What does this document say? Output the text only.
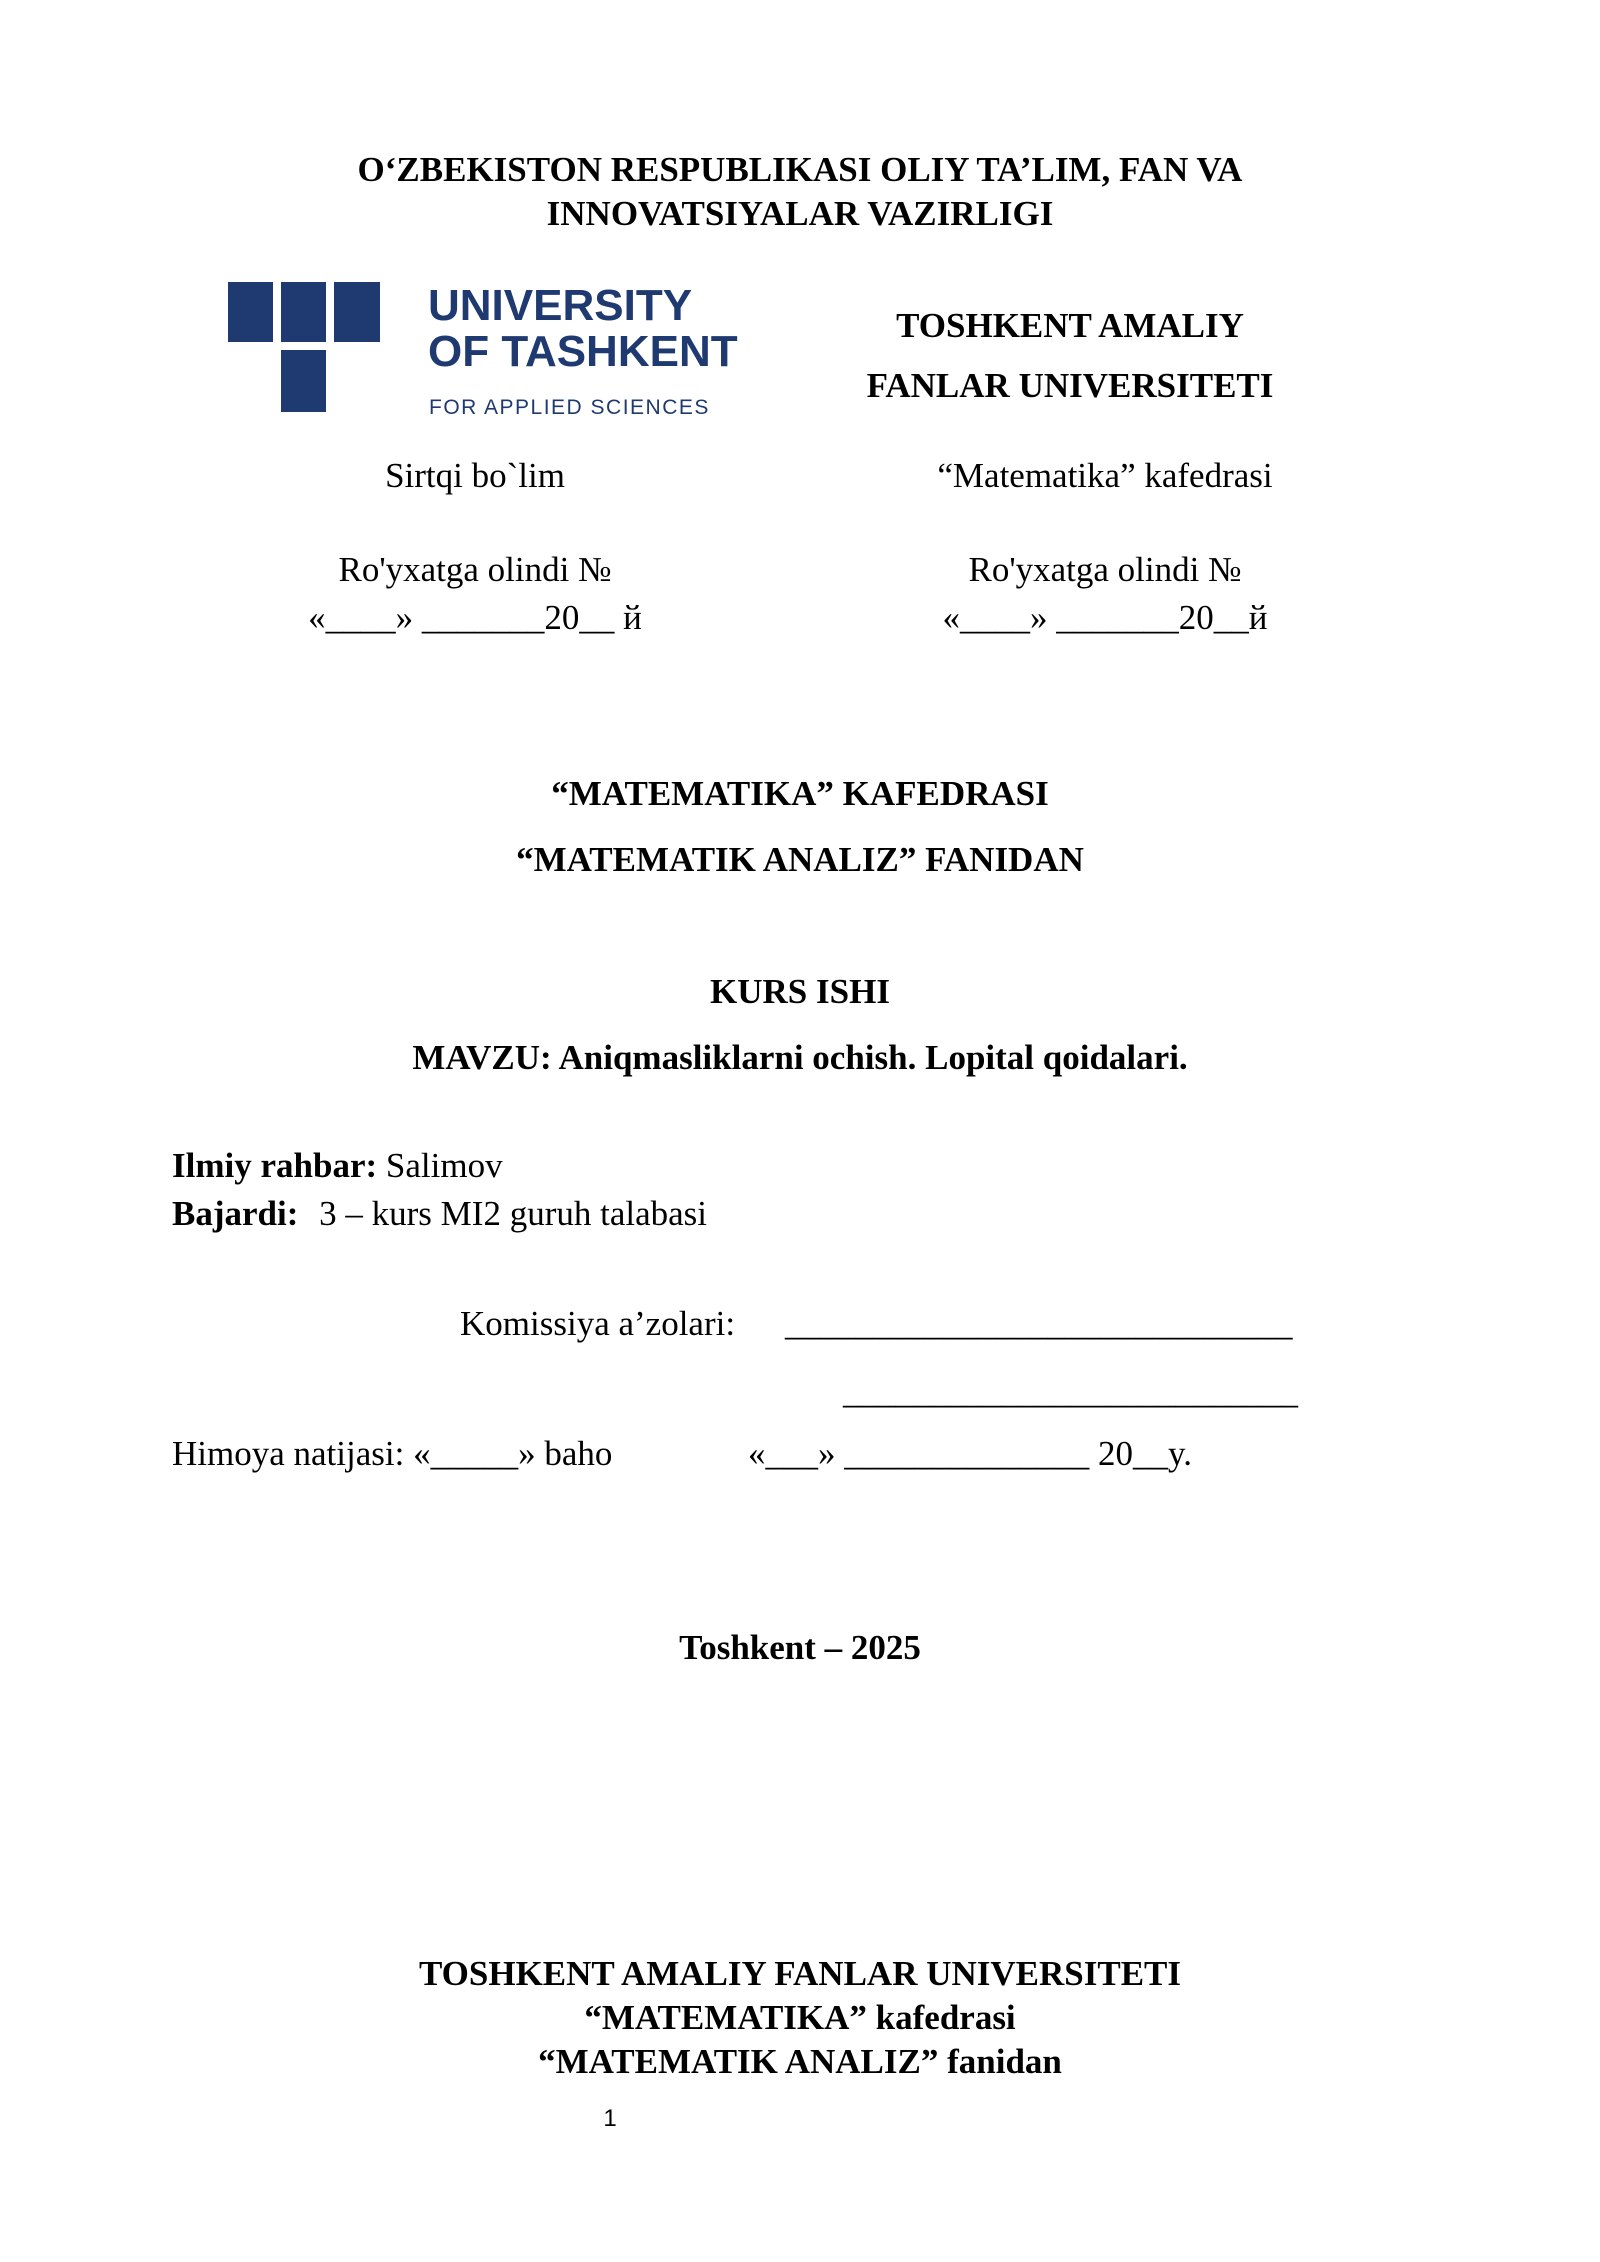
O‘ZBEKISTON RESPUBLIKASI OLIY TA’LIM, FAN VA
INNOVATSIYALAR VAZIRLIGI
UNIVERSITY
OF TASHKENT
FOR APPLIED SCIENCES
TOSHKENT AMALIY
FANLAR UNIVERSITETI
Sirtqi bo`lim	“Matematika” kafedrasi
Ro'yxatga olindi №	Ro'yxatga olindi №
«____» _______20__ й	«____» _______20__й
“MATEMATIKA” KAFEDRASI
“MATEMATIK ANALIZ” FANIDAN
KURS ISHI
MAVZU: Aniqmasliklarni ochish. Lopital qoidalari.
Ilmiy rahbar: Salimov
Bajardi: 3 – kurs MI2 guruh talabasi
Komissiya a’zolari: _____________________________
__________________________
Himoya natijasi: «_____» baho	«___» ______________ 20__y.
Toshkent – 2025
TOSHKENT AMALIY FANLAR UNIVERSITETI
“MATEMATIKA” kafedrasi
“MATEMATIK ANALIZ” fanidan
1
